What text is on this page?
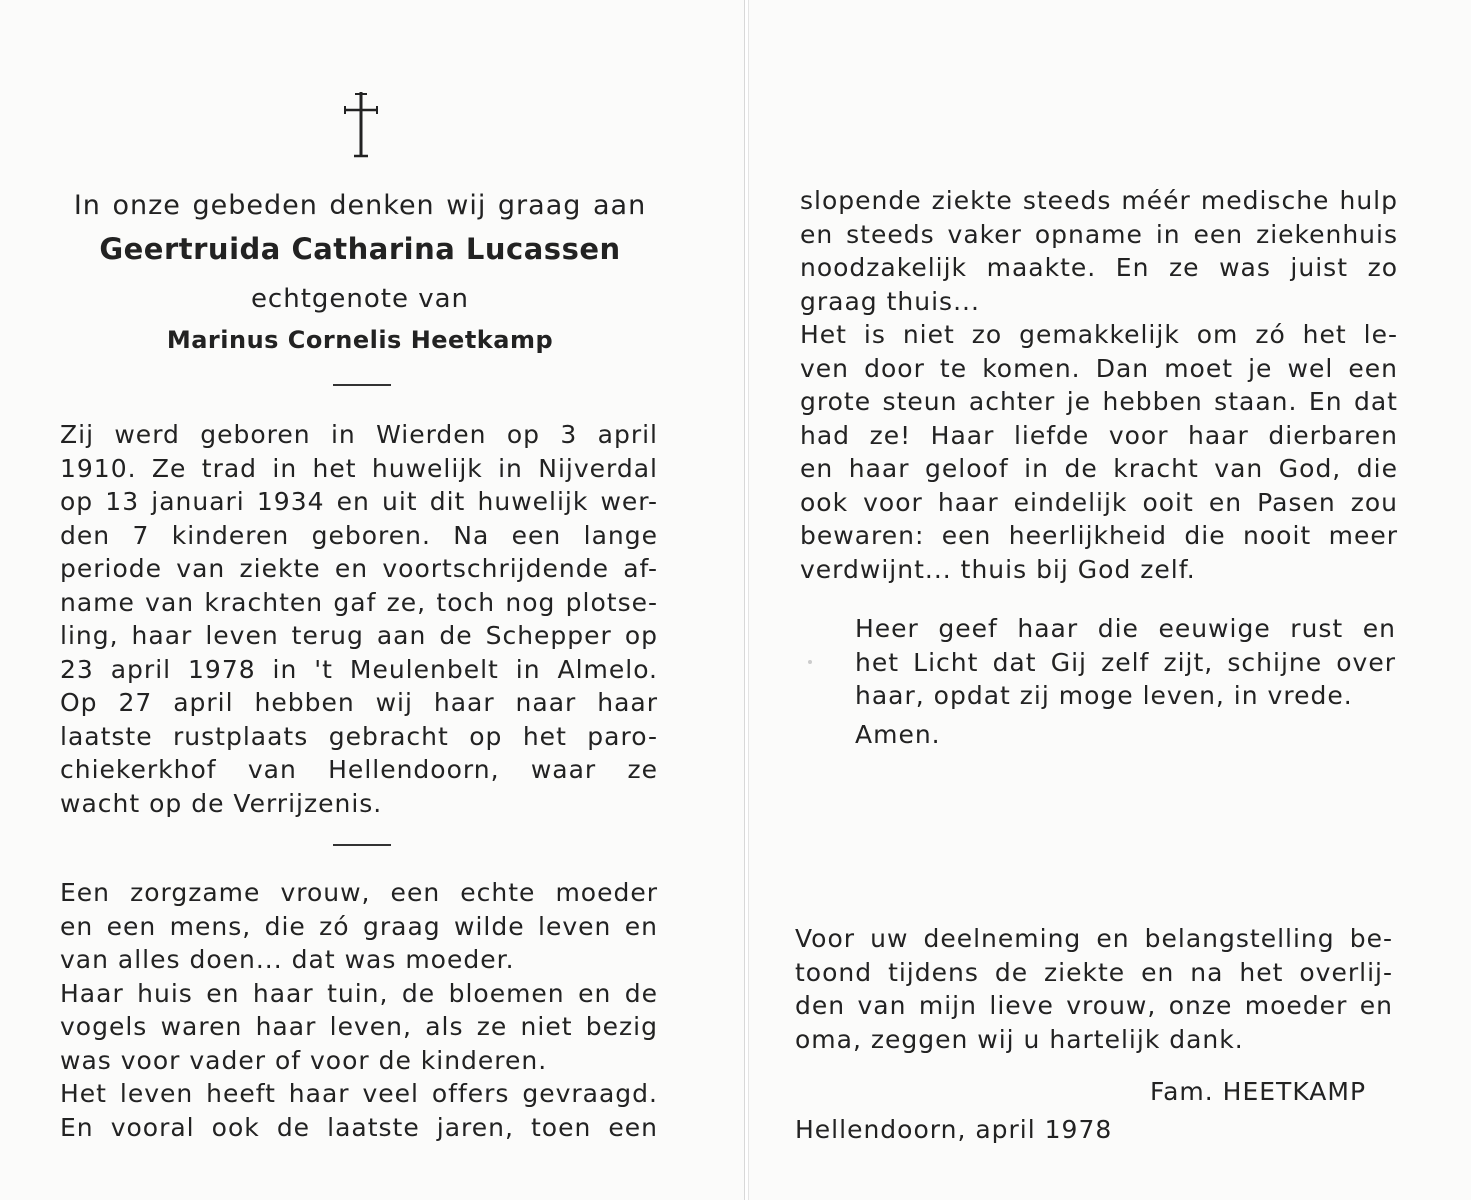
In onze gebeden denken wij graag aan
Geertruida Catharina Lucassen
echtgenote van
Marinus Cornelis Heetkamp
Zij werd geboren in Wierden op 3 april
1910. Ze trad in het huwelijk in Nijverdal
op 13 januari 1934 en uit dit huwelijk wer-
den 7 kinderen geboren. Na een lange
periode van ziekte en voortschrijdende af-
name van krachten gaf ze, toch nog plotse-
ling, haar leven terug aan de Schepper op
23 april 1978 in 't Meulenbelt in Almelo.
Op 27 april hebben wij haar naar haar
laatste rustplaats gebracht op het paro-
chiekerkhof van Hellendoorn, waar ze
wacht op de Verrijzenis.
Een zorgzame vrouw, een echte moeder
en een mens, die zó graag wilde leven en
van alles doen... dat was moeder.
Haar huis en haar tuin, de bloemen en de
vogels waren haar leven, als ze niet bezig
was voor vader of voor de kinderen.
Het leven heeft haar veel offers gevraagd.
En vooral ook de laatste jaren, toen een
slopende ziekte steeds méér medische hulp
en steeds vaker opname in een ziekenhuis
noodzakelijk maakte. En ze was juist zo
graag thuis...
Het is niet zo gemakkelijk om zó het le-
ven door te komen. Dan moet je wel een
grote steun achter je hebben staan. En dat
had ze! Haar liefde voor haar dierbaren
en haar geloof in de kracht van God, die
ook voor haar eindelijk ooit en Pasen zou
bewaren: een heerlijkheid die nooit meer
verdwijnt... thuis bij God zelf.
Heer geef haar die eeuwige rust en
het Licht dat Gij zelf zijt, schijne over
haar, opdat zij moge leven, in vrede.
Amen.
Voor uw deelneming en belangstelling be-
toond tijdens de ziekte en na het overlij-
den van mijn lieve vrouw, onze moeder en
oma, zeggen wij u hartelijk dank.
Fam. HEETKAMP
Hellendoorn, april 1978
